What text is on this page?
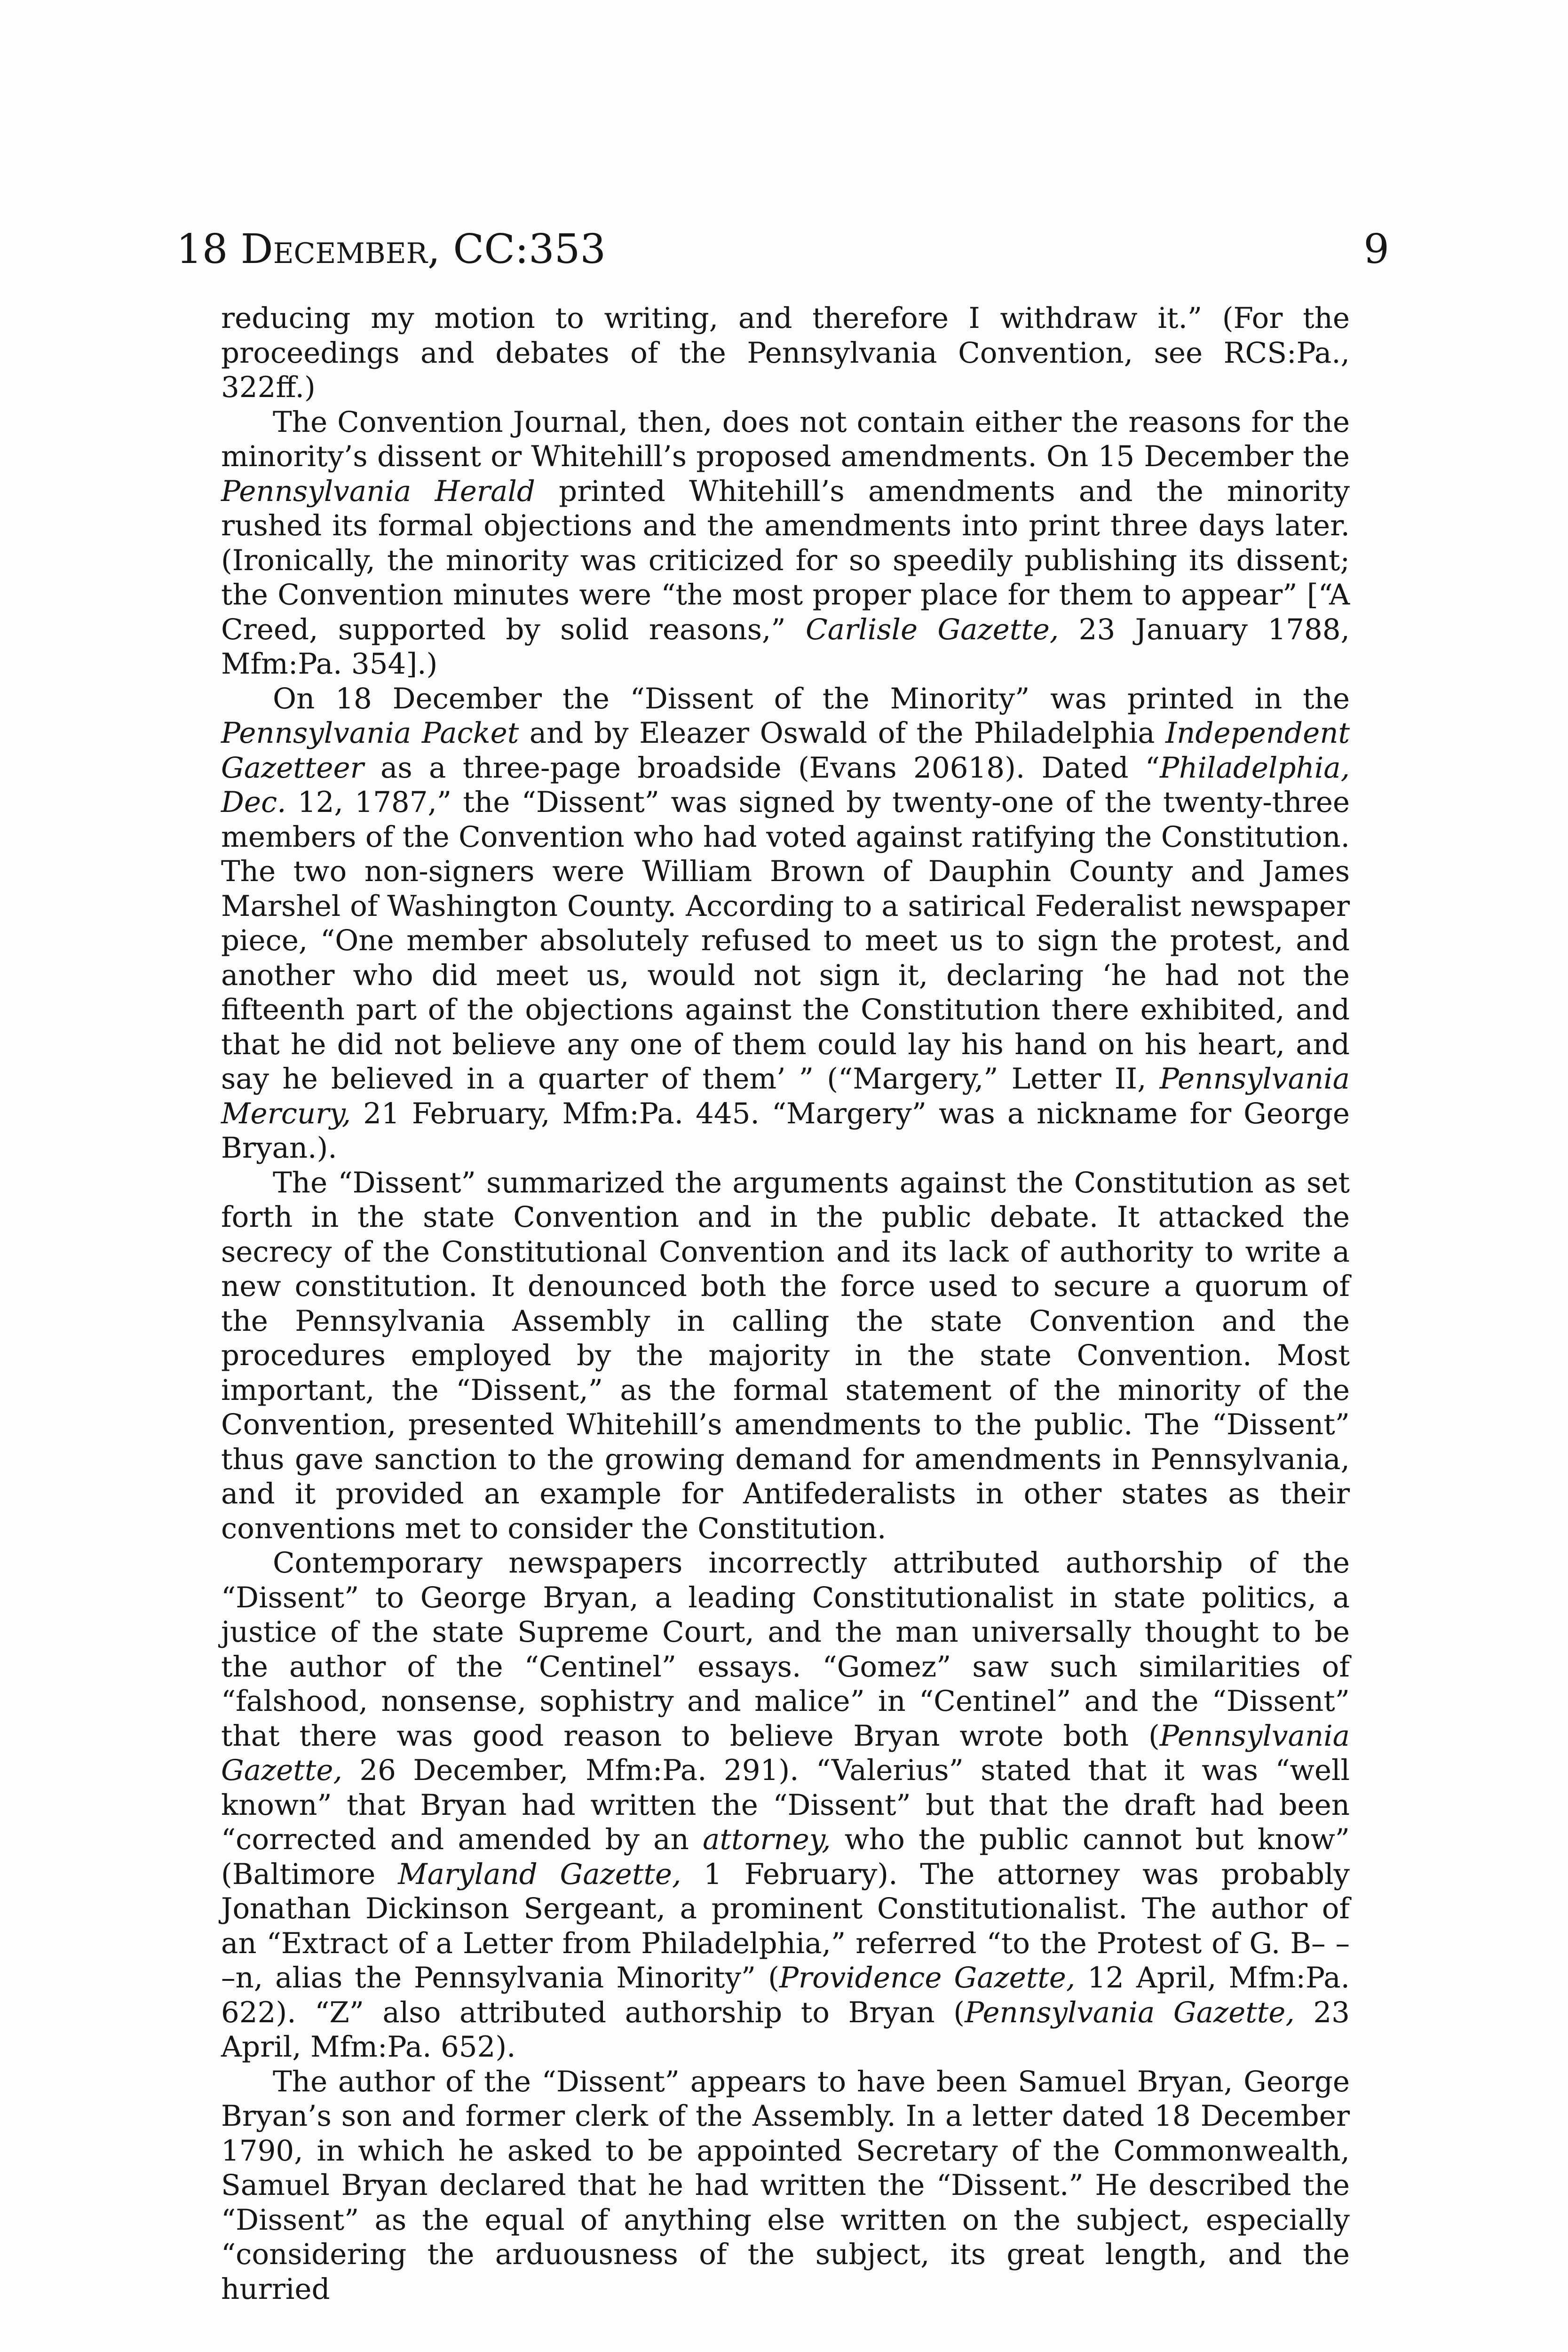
18 December, CC:353	9

reducing my motion to writing, and therefore I withdraw it.” (For the proceedings and debates of the Pennsylvania Convention, see RCS:Pa., 322ff.)

The Convention Journal, then, does not contain either the reasons for the minority’s dissent or Whitehill’s proposed amendments. On 15 December the Pennsylvania Herald printed Whitehill’s amendments and the minority rushed its formal objections and the amendments into print three days later. (Ironically, the minority was criticized for so speedily publishing its dissent; the Convention minutes were “the most proper place for them to appear” [“A Creed, supported by solid reasons,” Carlisle Gazette, 23 January 1788, Mfm:Pa. 354].)

On 18 December the “Dissent of the Minority” was printed in the Pennsylvania Packet and by Eleazer Oswald of the Philadelphia Independent Gazetteer as a three-page broadside (Evans 20618). Dated “Philadelphia, Dec. 12, 1787,” the “Dissent” was signed by twenty-one of the twenty-three members of the Convention who had voted against ratifying the Constitution. The two non-signers were William Brown of Dauphin County and James Marshel of Washington County. According to a satirical Federalist newspaper piece, “One member absolutely refused to meet us to sign the protest, and another who did meet us, would not sign it, declaring ‘he had not the fifteenth part of the objections against the Constitution there exhibited, and that he did not believe any one of them could lay his hand on his heart, and say he believed in a quarter of them’ ” (“Margery,” Letter II, Pennsylvania Mercury, 21 February, Mfm:Pa. 445. “Margery” was a nickname for George Bryan.).

The “Dissent” summarized the arguments against the Constitution as set forth in the state Convention and in the public debate. It attacked the secrecy of the Constitutional Convention and its lack of authority to write a new constitution. It denounced both the force used to secure a quorum of the Pennsylvania Assembly in calling the state Convention and the procedures employed by the majority in the state Convention. Most important, the “Dissent,” as the formal statement of the minority of the Convention, presented Whitehill’s amendments to the public. The “Dissent” thus gave sanction to the growing demand for amendments in Pennsylvania, and it provided an example for Antifederalists in other states as their conventions met to consider the Constitution.

Contemporary newspapers incorrectly attributed authorship of the “Dissent” to George Bryan, a leading Constitutionalist in state politics, a justice of the state Supreme Court, and the man universally thought to be the author of the “Centinel” essays. “Gomez” saw such similarities of “falshood, nonsense, sophistry and malice” in “Centinel” and the “Dissent” that there was good reason to believe Bryan wrote both (Pennsylvania Gazette, 26 December, Mfm:Pa. 291). “Valerius” stated that it was “well known” that Bryan had written the “Dissent” but that the draft had been “corrected and amended by an attorney, who the public cannot but know” (Baltimore Maryland Gazette, 1 February). The attorney was probably Jonathan Dickinson Sergeant, a prominent Constitutionalist. The author of an “Extract of a Letter from Philadelphia,” referred “to the Protest of G. B– – –n, alias the Pennsylvania Minority” (Providence Gazette, 12 April, Mfm:Pa. 622). “Z” also attributed authorship to Bryan (Pennsylvania Gazette, 23 April, Mfm:Pa. 652).

The author of the “Dissent” appears to have been Samuel Bryan, George Bryan’s son and former clerk of the Assembly. In a letter dated 18 December 1790, in which he asked to be appointed Secretary of the Commonwealth, Samuel Bryan declared that he had written the “Dissent.” He described the “Dissent” as the equal of anything else written on the subject, especially “considering the arduousness of the subject, its great length, and the hurried
